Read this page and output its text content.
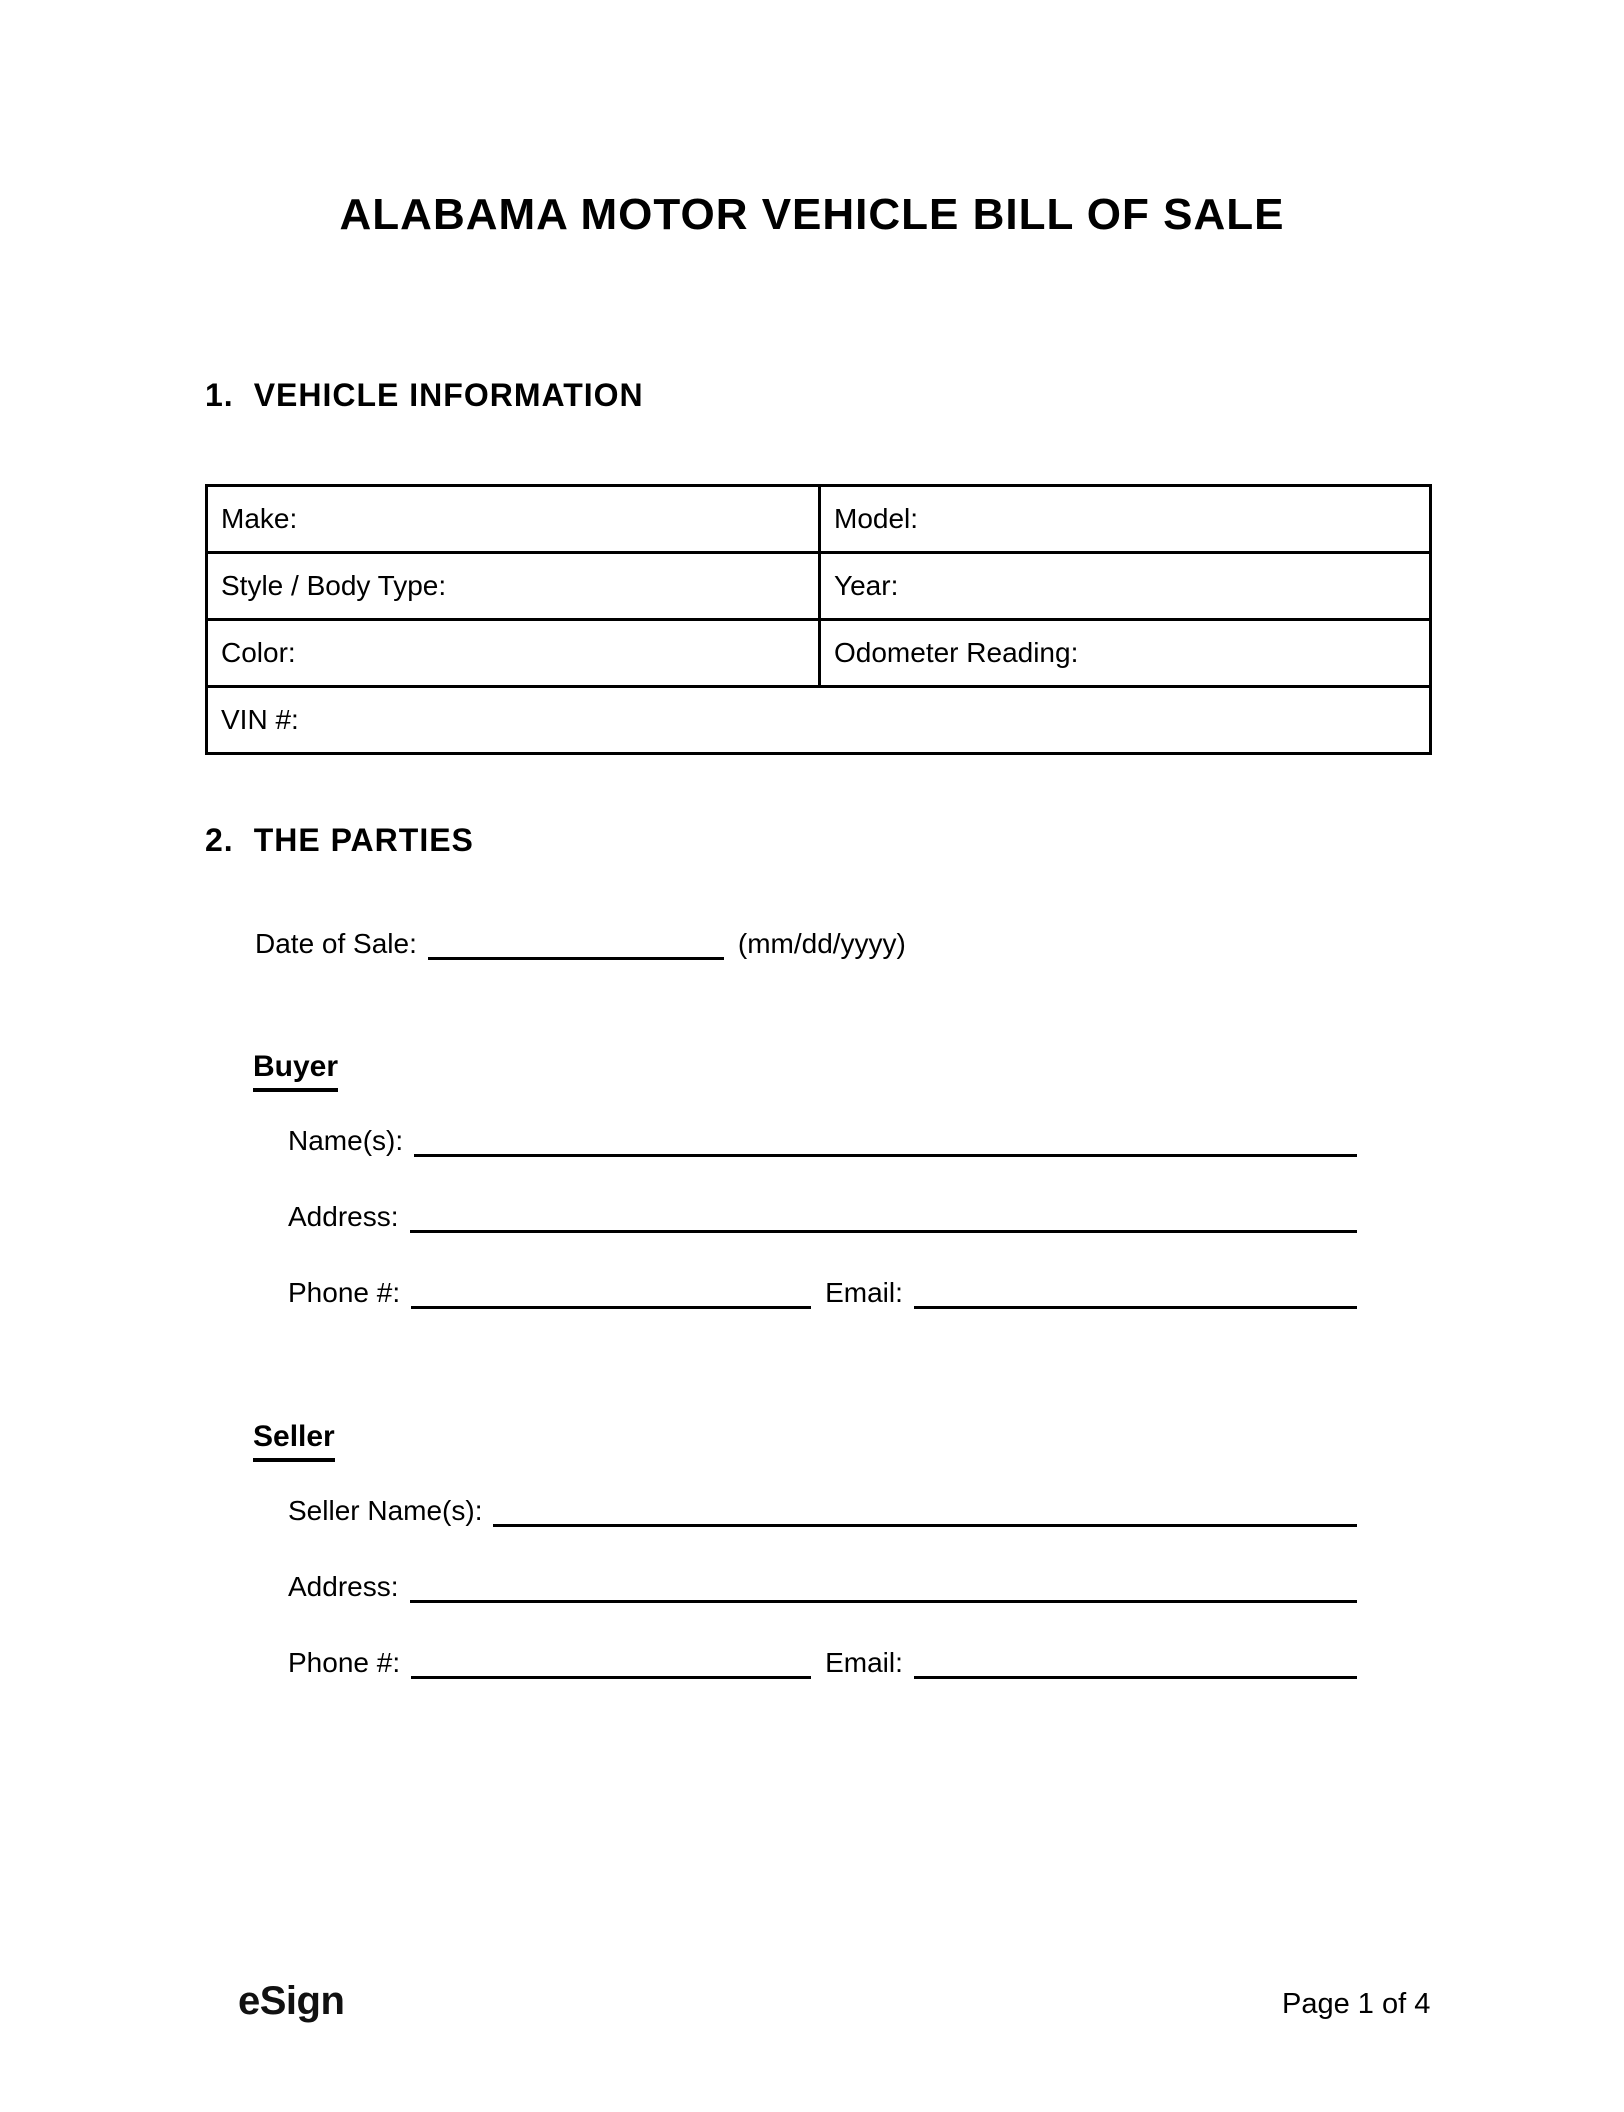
ALABAMA MOTOR VEHICLE BILL OF SALE
1. VEHICLE INFORMATION
Make:	Model:
Style / Body Type:	Year:
Color:	Odometer Reading:
VIN #:	
2. THE PARTIES
Date of Sale:	(mm/dd/yyyy)
Buyer
Name(s):
Address:
Phone #:	Email:
Seller
Seller Name(s):
Address:
Phone #:	Email:
eSign	Page 1 of 4
